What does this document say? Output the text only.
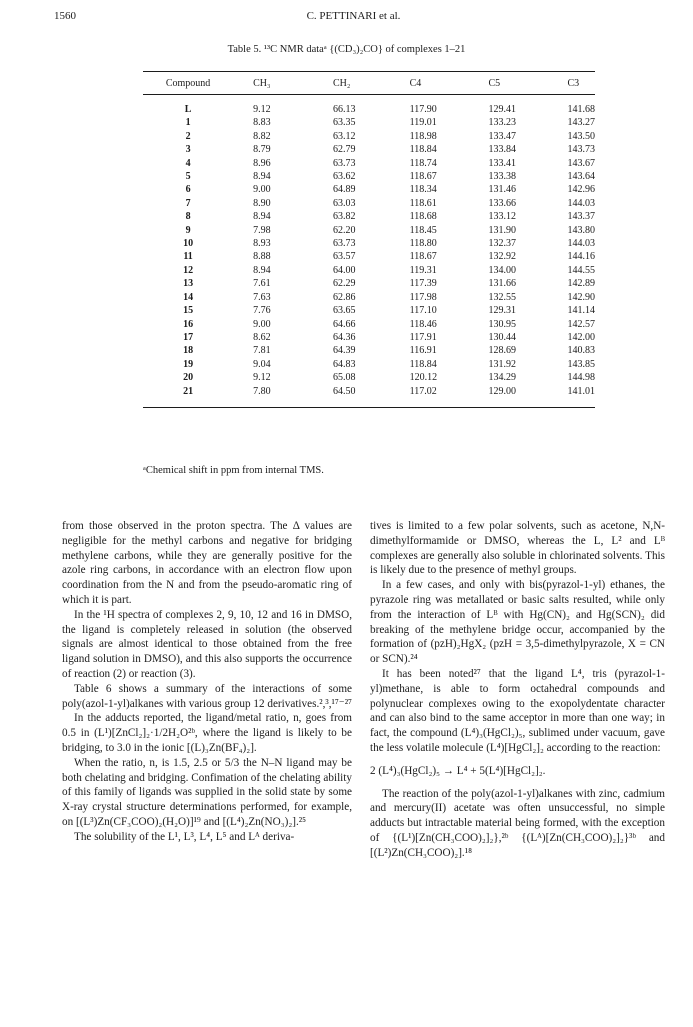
1560	C. PETTINARI et al.
Table 5. ¹³C NMR dataᵃ {(CD₃)₂CO} of complexes 1–21
Compound	CH₃	CH₂	C4	C5	C3
L	9.12	66.13	117.90	129.41	141.68
1	8.83	63.35	119.01	133.23	143.27
2	8.82	63.12	118.98	133.47	143.50
3	8.79	62.79	118.84	133.84	143.73
4	8.96	63.73	118.74	133.41	143.67
5	8.94	63.62	118.67	133.38	143.64
6	9.00	64.89	118.34	131.46	142.96
7	8.90	63.03	118.61	133.66	144.03
8	8.94	63.82	118.68	133.12	143.37
9	7.98	62.20	118.45	131.90	143.80
10	8.93	63.73	118.80	132.37	144.03
11	8.88	63.57	118.67	132.92	144.16
12	8.94	64.00	119.31	134.00	144.55
13	7.61	62.29	117.39	131.66	142.89
14	7.63	62.86	117.98	132.55	142.90
15	7.76	63.65	117.10	129.31	141.14
16	9.00	64.66	118.46	130.95	142.57
17	8.62	64.36	117.91	130.44	142.00
18	7.81	64.39	116.91	128.69	140.83
19	9.04	64.83	118.84	131.92	143.85
20	9.12	65.08	120.12	134.29	144.98
21	7.80	64.50	117.02	129.00	141.01
ᵃChemical shift in ppm from internal TMS.

from those observed in the proton spectra. The Δ values are negligible for the methyl carbons and negative for bridging methylene carbons, while they are generally positive for the azole ring carbons, in accordance with an electron flow upon coordination from the N and from the pseudo-aromatic ring of which it is part.

In the ¹H spectra of complexes 2, 9, 10, 12 and 16 in DMSO, the ligand is completely released in solution (the observed signals are almost identical to those obtained from the free ligand solution in DMSO), and this also supports the occurrence of reaction (2) or reaction (3).

Table 6 shows a summary of the interactions of some poly(azol-1-yl)alkanes with various group 12 derivatives.²,³,¹⁷⁻²⁷

In the adducts reported, the ligand/metal ratio, n, goes from 0.5 in (L¹)[ZnCl₂]₂·1/2H₂O²ᵇ, where the ligand is likely to be bridging, to 3.0 in the ionic [(L)₃Zn(BF₄)₂].

When the ratio, n, is 1.5, 2.5 or 5/3 the N–N ligand may be both chelating and bridging. Confimation of the chelating ability of this family of ligands was supplied in the solid state by some X-ray crystal structure determinations performed, for example, on [(L³)Zn(CF₃COO)₂(H₂O)]¹⁹ and [(L⁴)₂Zn(NO₃)₂].²⁵

The solubility of the L¹, L³, L⁴, L⁵ and Lᴬ deriva-

tives is limited to a few polar solvents, such as acetone, N,N-dimethylformamide or DMSO, whereas the L, L² and Lᴮ complexes are generally also soluble in chlorinated solvents. This is likely due to the presence of methyl groups.

In a few cases, and only with bis(pyrazol-1-yl) ethanes, the pyrazole ring was metallated or basic salts resulted, while only from the interaction of Lᴮ with Hg(CN)₂ and Hg(SCN)₂ did breaking of the methylene bridge occur, accompanied by the formation of (pzH)₂HgX₂ (pzH = 3,5-dimethylpyrazole, X = CN or SCN).²⁴

It has been noted²⁷ that the ligand L⁴, tris (pyrazol-1-yl)methane, is able to form octahedral compounds and polynuclear complexes owing to the exopolydentate character and can also bind to the same acceptor in more than one way; in fact, the compound (L⁴)₃(HgCl₂)₅, sublimed under vacuum, gave the less volatile molecule (L⁴)[HgCl₂]₂ according to the reaction:

2 (L⁴)₃(HgCl₂)₅ → L⁴ + 5(L⁴)[HgCl₂]₂.

The reaction of the poly(azol-1-yl)alkanes with zinc, cadmium and mercury(II) acetate was often unsuccessful, no simple adducts but intractable material being formed, with the exception of {(L¹)[Zn(CH₃COO)₂]₂},²ᵇ {(Lᴬ)[Zn(CH₃COO)₂]₂}³ᵇ and [(L²)Zn(CH₃COO)₂].¹⁸
